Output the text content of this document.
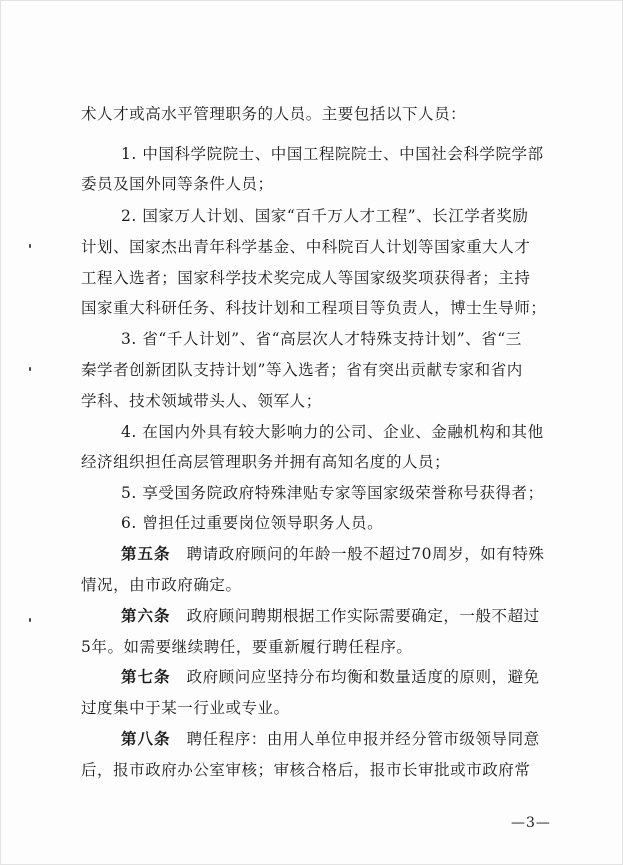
术人才或高水平管理职务的人员。主要包括以下人员：
1. 中国科学院院士、中国工程院院士、中国社会科学院学部
委员及国外同等条件人员；
2. 国家万人计划、国家“百千万人才工程”、长江学者奖励
计划、国家杰出青年科学基金、中科院百人计划等国家重大人才
工程入选者；国家科学技术奖完成人等国家级奖项获得者；主持
国家重大科研任务、科技计划和工程项目等负责人，博士生导师；
3. 省“千人计划”、省“高层次人才特殊支持计划”、省“三
秦学者创新团队支持计划”等入选者；省有突出贡献专家和省内
学科、技术领域带头人、领军人；
4. 在国内外具有较大影响力的公司、企业、金融机构和其他
经济组织担任高层管理职务并拥有高知名度的人员；
5. 享受国务院政府特殊津贴专家等国家级荣誉称号获得者；
6. 曾担任过重要岗位领导职务人员。
第五条　聘请政府顾问的年龄一般不超过70周岁，如有特殊
情况，由市政府确定。
第六条　政府顾问聘期根据工作实际需要确定，一般不超过
5年。如需要继续聘任，要重新履行聘任程序。
第七条　政府顾问应坚持分布均衡和数量适度的原则，避免
过度集中于某一行业或专业。
第八条　聘任程序：由用人单位申报并经分管市级领导同意
后，报市政府办公室审核；审核合格后，报市长审批或市政府常
—3—
